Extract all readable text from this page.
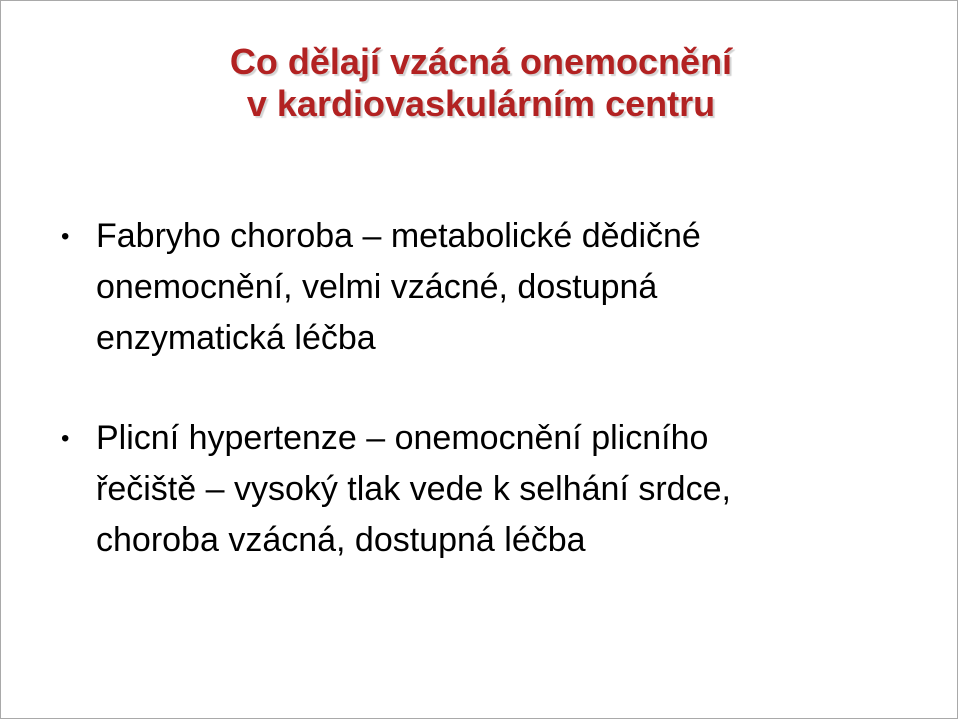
Co dělají vzácná onemocnění
v kardiovaskulárním centru
• Fabryho choroba – metabolické dědičné
onemocnění, velmi vzácné, dostupná
enzymatická léčba
• Plicní hypertenze – onemocnění plicního
řečiště – vysoký tlak vede k selhání srdce,
choroba vzácná, dostupná léčba
